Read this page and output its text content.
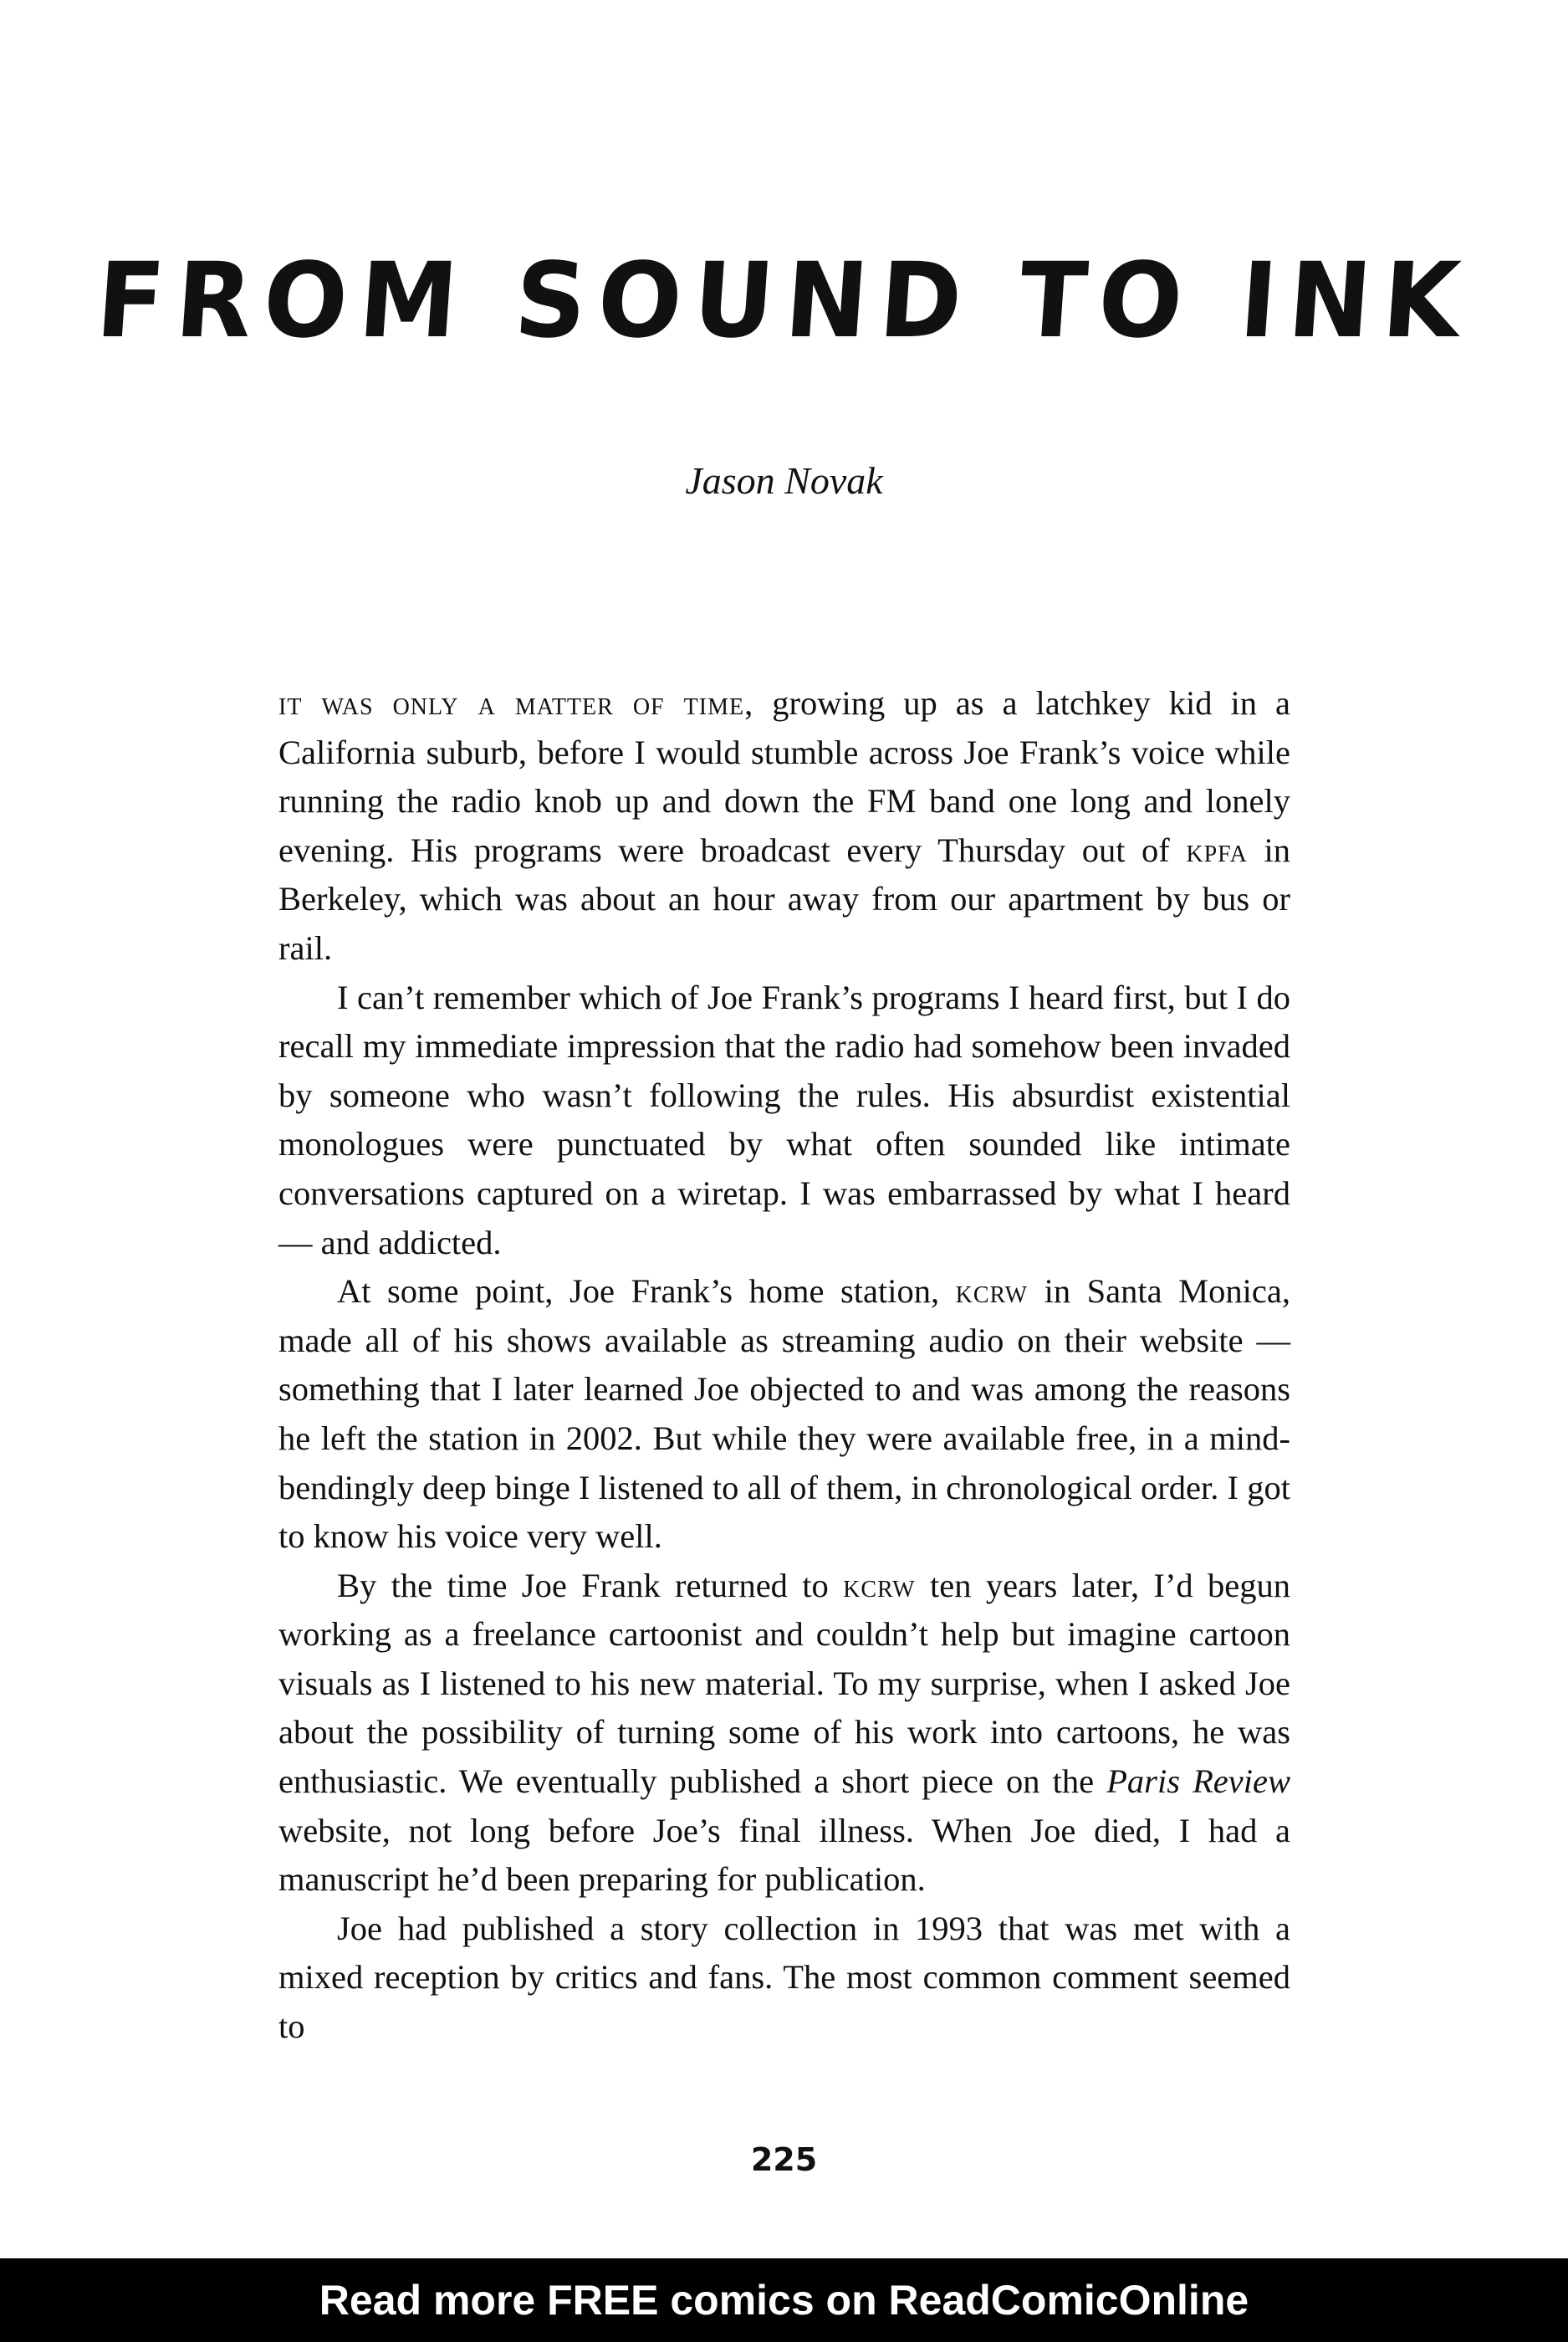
FROM SOUND TO INK
Jason Novak

it was only a matter of time, growing up as a latchkey kid in a California suburb, before I would stumble across Joe Frank’s voice while running the radio knob up and down the FM band one long and lonely evening. His programs were broadcast every Thursday out of kpfa in Berkeley, which was about an hour away from our apartment by bus or rail.

I can’t remember which of Joe Frank’s programs I heard first, but I do recall my immediate impression that the radio had somehow been invaded by someone who wasn’t following the rules. His absurdist existential monologues were punctuated by what often sounded like intimate conversations captured on a wiretap. I was embarrassed by what I heard — and addicted.

At some point, Joe Frank’s home station, kcrw in Santa Monica, made all of his shows available as streaming audio on their website — something that I later learned Joe objected to and was among the reasons he left the station in 2002. But while they were available free, in a mind-bendingly deep binge I listened to all of them, in chronological order. I got to know his voice very well.

By the time Joe Frank returned to kcrw ten years later, I’d begun working as a freelance cartoonist and couldn’t help but imagine cartoon visuals as I listened to his new material. To my surprise, when I asked Joe about the possibility of turning some of his work into cartoons, he was enthusiastic. We eventually published a short piece on the Paris Review website, not long before Joe’s final illness. When Joe died, I had a manuscript he’d been preparing for publication.

Joe had published a story collection in 1993 that was met with a mixed reception by critics and fans. The most common comment seemed to

225
Read more FREE comics on ReadComicOnline
